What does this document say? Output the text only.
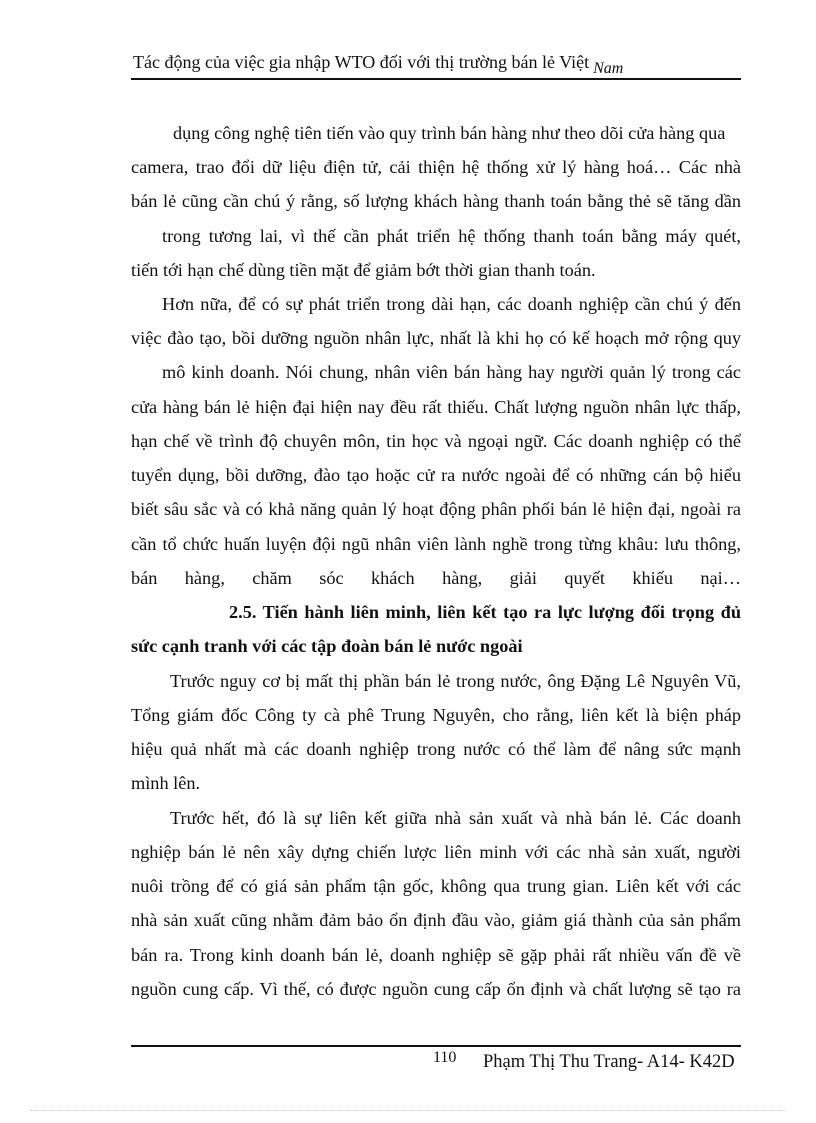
Tác động của việc gia nhập WTO đối với thị trường bán lẻ Việt Nam
dụng công nghệ tiên tiến vào quy trình bán hàng như theo dõi cửa hàng qua
camera, trao đổi dữ liệu điện tử, cải thiện hệ thống xử lý hàng hoá… Các nhà
bán lẻ cũng cần chú ý rằng, số lượng khách hàng thanh toán bằng thẻ sẽ tăng dần
trong tương lai, vì thế cần phát triển hệ thống thanh toán bằng máy quét,
tiến tới hạn chế dùng tiền mặt để giảm bớt thời gian thanh toán.
Hơn nữa, để có sự phát triển trong dài hạn, các doanh nghiệp cần chú ý đến
việc đào tạo, bồi dưỡng nguồn nhân lực, nhất là khi họ có kế hoạch mở rộng quy
mô kinh doanh. Nói chung, nhân viên bán hàng hay người quản lý trong các
cửa hàng bán lẻ hiện đại hiện nay đều rất thiếu. Chất lượng nguồn nhân lực thấp,
hạn chế về trình độ chuyên môn, tin học và ngoại ngữ. Các doanh nghiệp có thể
tuyển dụng, bồi dưỡng, đào tạo hoặc cử ra nước ngoài để có những cán bộ hiểu
biết sâu sắc và có khả năng quản lý hoạt động phân phối bán lẻ hiện đại, ngoài ra
cần tổ chức huấn luyện đội ngũ nhân viên lành nghề trong từng khâu: lưu thông,
bán hàng, chăm sóc khách hàng, giải quyết khiếu nại…
2.5. Tiến hành liên minh, liên kết tạo ra lực lượng đối trọng đủ
sức cạnh tranh với các tập đoàn bán lẻ nước ngoài
Trước nguy cơ bị mất thị phần bán lẻ trong nước, ông Đặng Lê Nguyên Vũ,
Tổng giám đốc Công ty cà phê Trung Nguyên, cho rằng, liên kết là biện pháp
hiệu quả nhất mà các doanh nghiệp trong nước có thể làm để nâng sức mạnh
mình lên.
Trước hết, đó là sự liên kết giữa nhà sản xuất và nhà bán lẻ. Các doanh
nghiệp bán lẻ nên xây dựng chiến lược liên minh với các nhà sản xuất, người
nuôi trồng để có giá sản phẩm tận gốc, không qua trung gian. Liên kết với các
nhà sản xuất cũng nhằm đảm bảo ổn định đầu vào, giảm giá thành của sản phẩm
bán ra. Trong kinh doanh bán lẻ, doanh nghiệp sẽ gặp phải rất nhiều vấn đề về
nguồn cung cấp. Vì thế, có được nguồn cung cấp ổn định và chất lượng sẽ tạo ra
110 Phạm Thị Thu Trang- A14- K42D
